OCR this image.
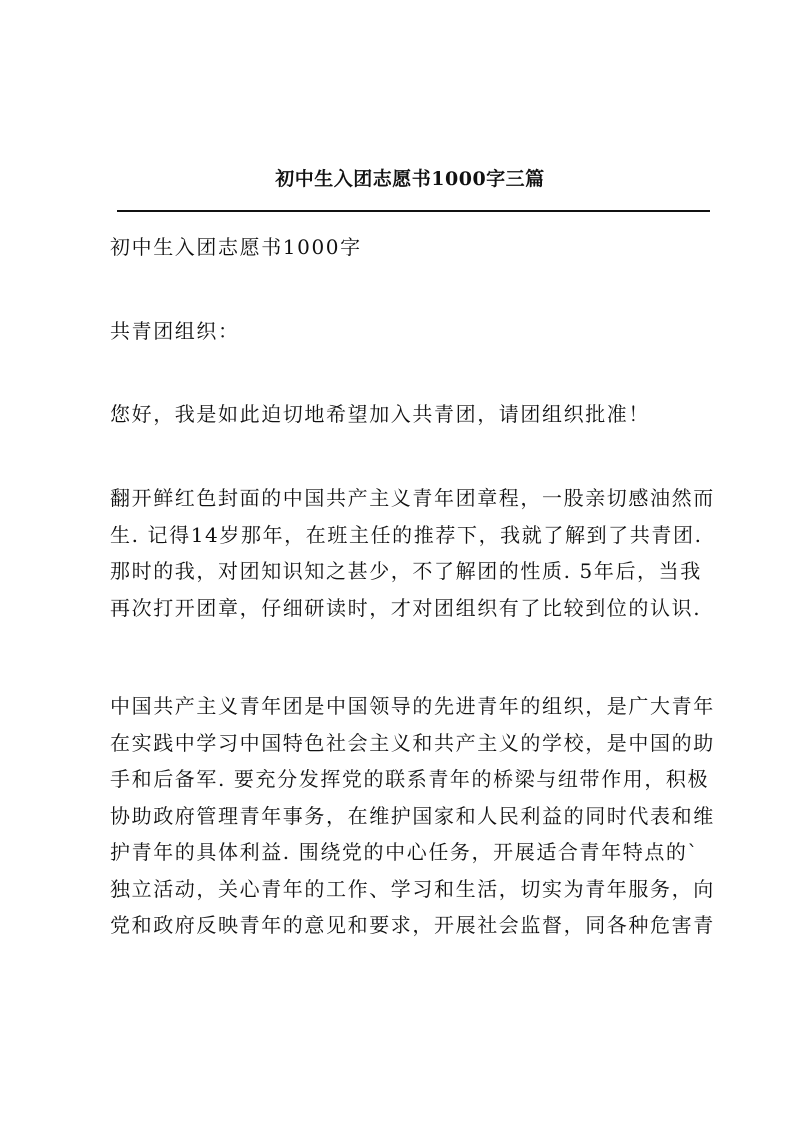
初中生入团志愿书1000字三篇

初中生入团志愿书1000字

共青团组织：

您好，我是如此迫切地希望加入共青团，请团组织批准！

翻开鲜红色封面的中国共产主义青年团章程，一股亲切感油然而
生. 记得14岁那年，在班主任的推荐下，我就了解到了共青团.
那时的我，对团知识知之甚少，不了解团的性质. 5年后，当我
再次打开团章，仔细研读时，才对团组织有了比较到位的认识.

中国共产主义青年团是中国领导的先进青年的组织，是广大青年
在实践中学习中国特色社会主义和共产主义的学校，是中国的助
手和后备军. 要充分发挥党的联系青年的桥梁与纽带作用，积极
协助政府管理青年事务，在维护国家和人民利益的同时代表和维
护青年的具体利益. 围绕党的中心任务，开展适合青年特点的`
独立活动，关心青年的工作、学习和生活，切实为青年服务，向
党和政府反映青年的意见和要求，开展社会监督，同各种危害青
